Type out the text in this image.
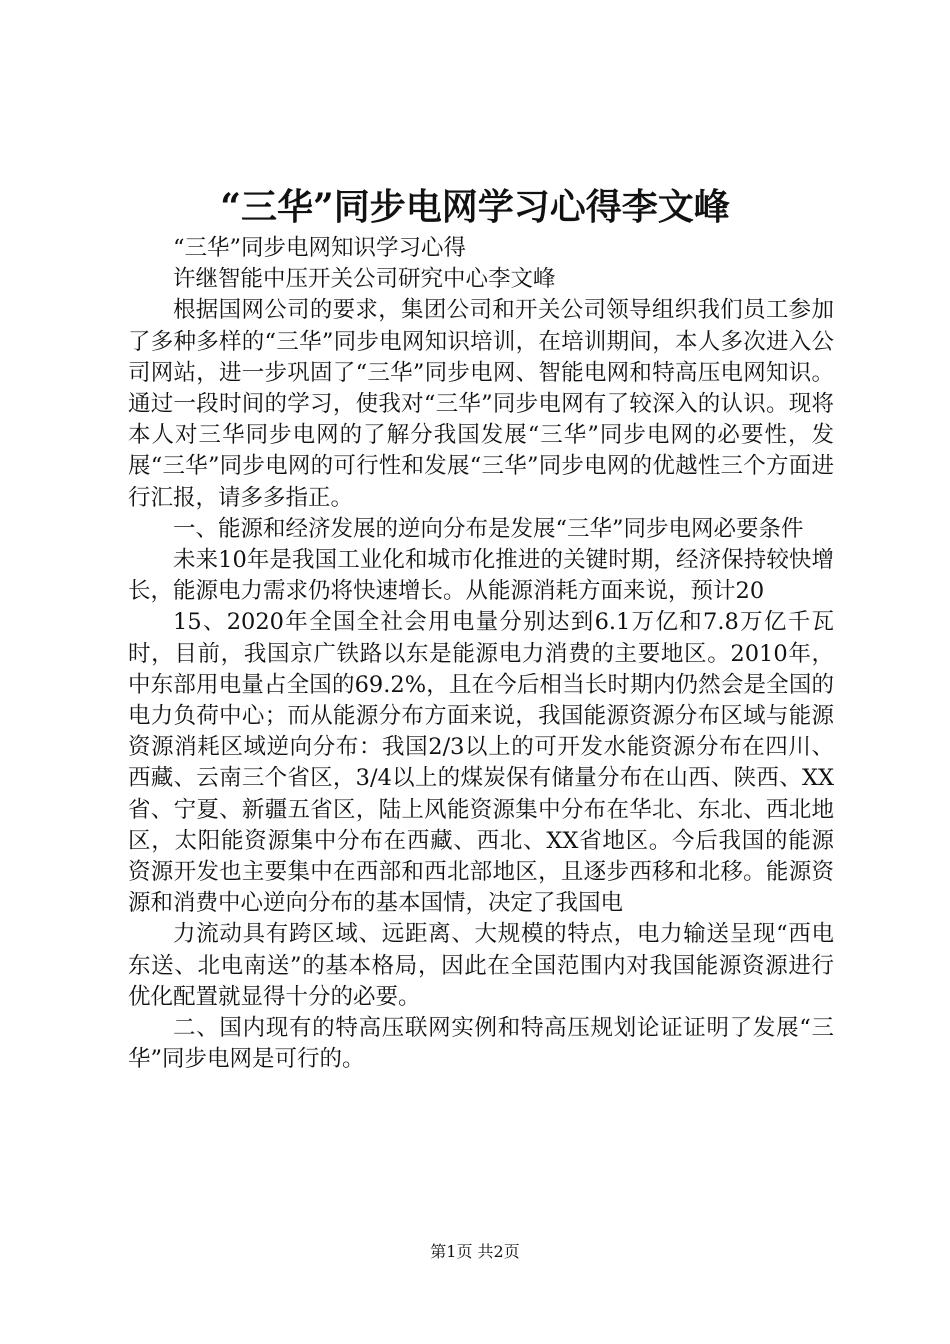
“三华”同步电网学习心得李文峰

“三华”同步电网知识学习心得

许继智能中压开关公司研究中心李文峰

根据国网公司的要求，集团公司和开关公司领导组织我们员工参加了多种多样的“三华”同步电网知识培训，在培训期间，本人多次进入公司网站，进一步巩固了“三华”同步电网、智能电网和特高压电网知识。通过一段时间的学习，使我对“三华”同步电网有了较深入的认识。现将本人对三华同步电网的了解分我国发展“三华”同步电网的必要性，发展“三华”同步电网的可行性和发展“三华”同步电网的优越性三个方面进行汇报，请多多指正。

一、能源和经济发展的逆向分布是发展“三华”同步电网必要条件

未来10年是我国工业化和城市化推进的关键时期，经济保持较快增长，能源电力需求仍将快速增长。从能源消耗方面来说，预计20

15、2020年全国全社会用电量分别达到6.1万亿和7.8万亿千瓦时，目前，我国京广铁路以东是能源电力消费的主要地区。2010年，中东部用电量占全国的69.2%，且在今后相当长时期内仍然会是全国的电力负荷中心；而从能源分布方面来说，我国能源资源分布区域与能源资源消耗区域逆向分布：我国2/3以上的可开发水能资源分布在四川、西藏、云南三个省区，3/4以上的煤炭保有储量分布在山西、陕西、XX省、宁夏、新疆五省区，陆上风能资源集中分布在华北、东北、西北地区，太阳能资源集中分布在西藏、西北、XX省地区。今后我国的能源资源开发也主要集中在西部和西北部地区，且逐步西移和北移。能源资源和消费中心逆向分布的基本国情，决定了我国电

力流动具有跨区域、远距离、大规模的特点，电力输送呈现“西电东送、北电南送”的基本格局，因此在全国范围内对我国能源资源进行优化配置就显得十分的必要。

二、国内现有的特高压联网实例和特高压规划论证证明了发展“三华”同步电网是可行的。

第1页 共2页
